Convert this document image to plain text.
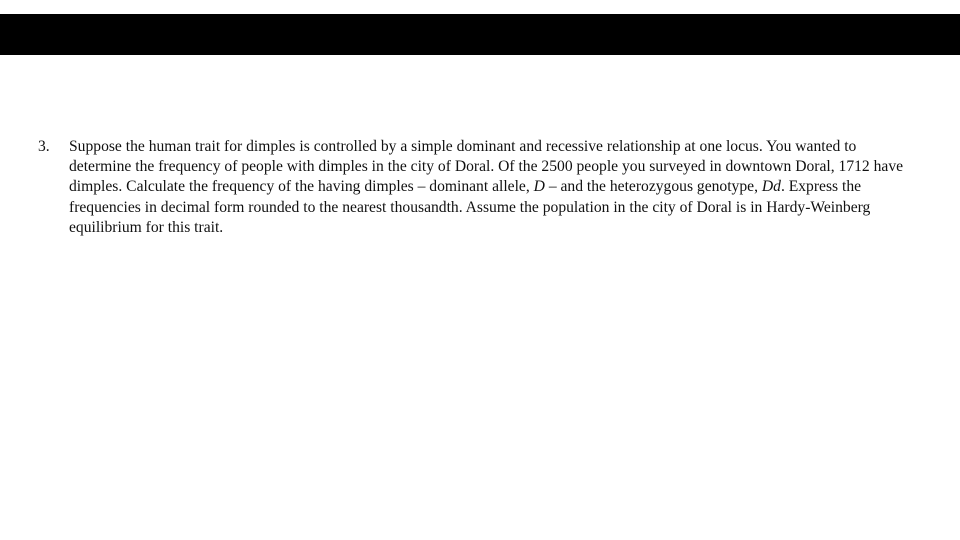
3.	Suppose the human trait for dimples is controlled by a simple dominant and recessive relationship at one locus. You wanted to determine the frequency of people with dimples in the city of Doral. Of the 2500 people you surveyed in downtown Doral, 1712 have dimples. Calculate the frequency of the having dimples – dominant allele, D – and the heterozygous genotype, Dd. Express the frequencies in decimal form rounded to the nearest thousandth. Assume the population in the city of Doral is in Hardy-Weinberg equilibrium for this trait.
